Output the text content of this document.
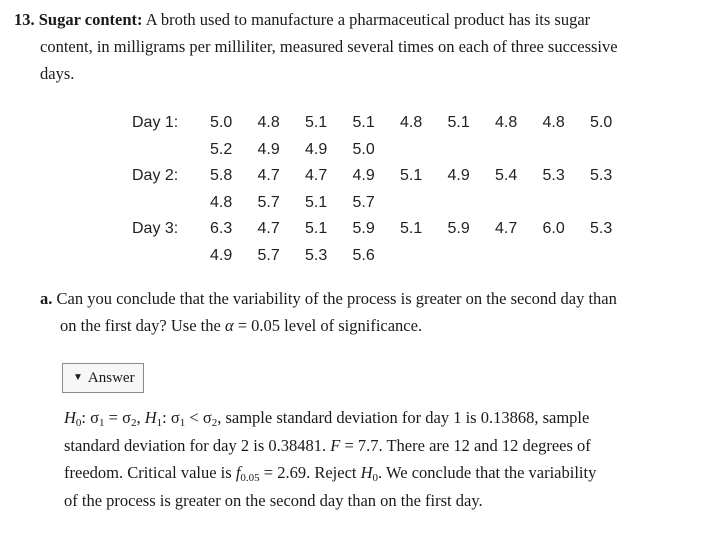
13. Sugar content: A broth used to manufacture a pharmaceutical product has its sugar
content, in milligrams per milliliter, measured several times on each of three successive
days.
Day 1:	5.0	4.8	5.1	5.1	4.8	5.1	4.8	4.8	5.0
	5.2	4.9	4.9	5.0					
Day 2:	5.8	4.7	4.7	4.9	5.1	4.9	5.4	5.3	5.3
	4.8	5.7	5.1	5.7					
Day 3:	6.3	4.7	5.1	5.9	5.1	5.9	4.7	6.0	5.3
	4.9	5.7	5.3	5.6					
a. Can you conclude that the variability of the process is greater on the second day than
on the first day? Use the α = 0.05 level of significance.
▼ Answer
$H_0$: $\sigma_1 = \sigma_2$, $H_1$: $\sigma_1 < \sigma_2$, sample standard deviation for day 1 is 0.13868, sample
standard deviation for day 2 is 0.38481. F = 7.7. There are 12 and 12 degrees of
freedom. Critical value is $f_{0.05} = 2.69$. Reject $H_0$. We conclude that the variability
of the process is greater on the second day than on the first day.
